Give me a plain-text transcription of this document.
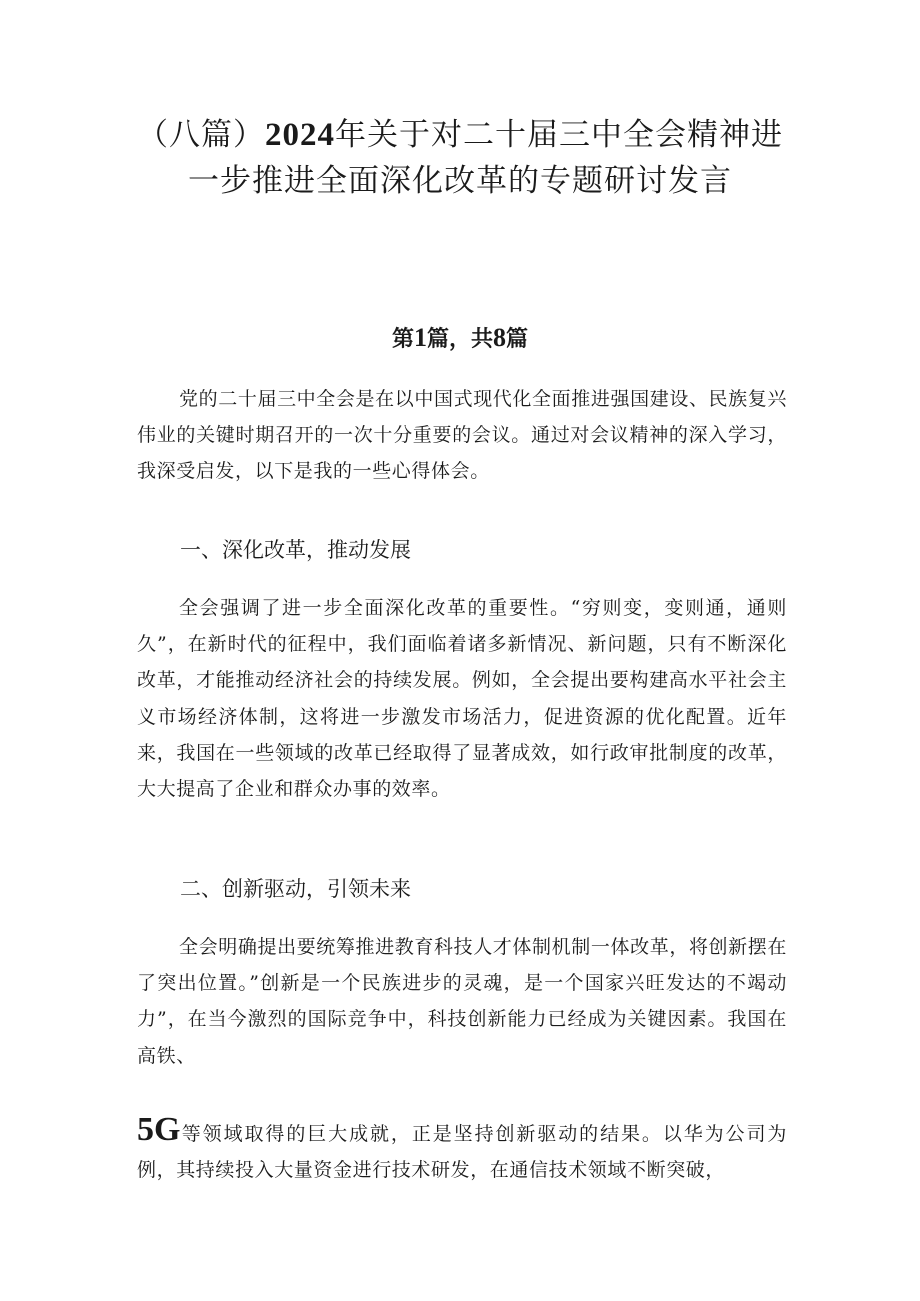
（八篇）2024年关于对二十届三中全会精神进一步推进全面深化改革的专题研讨发言
第1篇，共8篇

党的二十届三中全会是在以中国式现代化全面推进强国建设、民族复兴伟业的关键时期召开的一次十分重要的会议。通过对会议精神的深入学习，我深受启发，以下是我的一些心得体会。

一、深化改革，推动发展

全会强调了进一步全面深化改革的重要性。“穷则变，变则通，通则久”，在新时代的征程中，我们面临着诸多新情况、新问题，只有不断深化改革，才能推动经济社会的持续发展。例如，全会提出要构建高水平社会主义市场经济体制，这将进一步激发市场活力，促进资源的优化配置。近年来，我国在一些领域的改革已经取得了显著成效，如行政审批制度的改革，大大提高了企业和群众办事的效率。

二、创新驱动，引领未来

全会明确提出要统筹推进教育科技人才体制机制一体改革，将创新摆在了突出位置。”创新是一个民族进步的灵魂，是一个国家兴旺发达的不竭动力”，在当今激烈的国际竞争中，科技创新能力已经成为关键因素。我国在高铁、

5G等领域取得的巨大成就，正是坚持创新驱动的结果。以华为公司为例，其持续投入大量资金进行技术研发，在通信技术领域不断突破，
